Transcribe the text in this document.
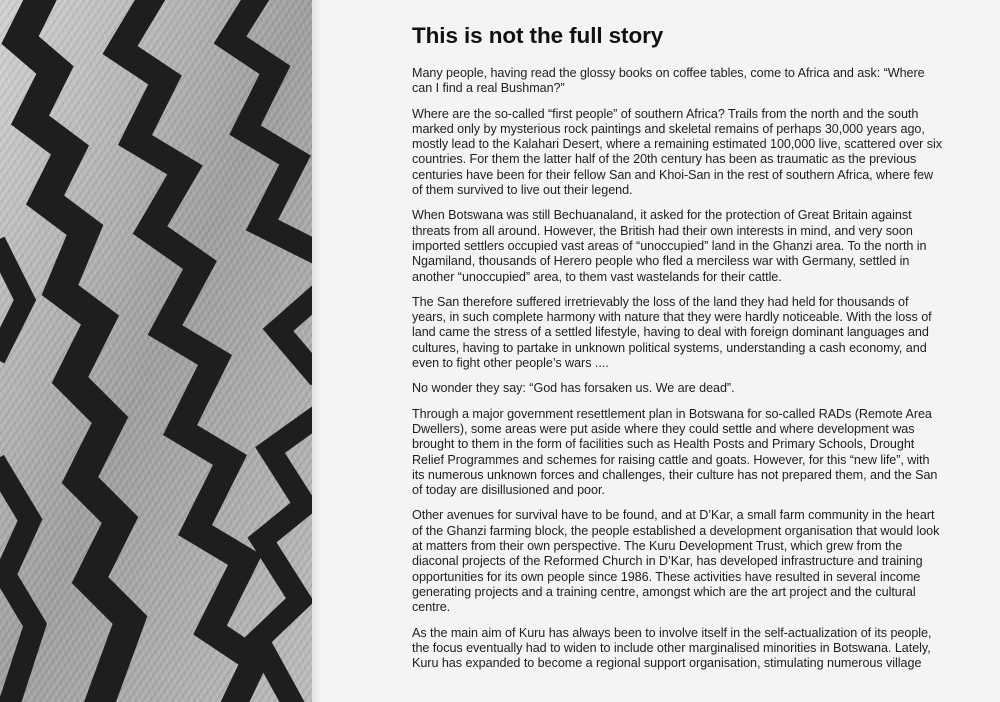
This is not the full story

Many people, having read the glossy books on coffee tables, come to Africa and ask: “Where can I find a real Bushman?”

Where are the so-called “first people” of southern Africa? Trails from the north and the south marked only by mysterious rock paintings and skeletal remains of perhaps 30,000 years ago, mostly lead to the Kalahari Desert, where a remaining estimated 100,000 live, scattered over six countries. For them the latter half of the 20th century has been as traumatic as the previous centuries have been for their fellow San and Khoi-San in the rest of southern Africa, where few of them survived to live out their legend.

When Botswana was still Bechuanaland, it asked for the protection of Great Britain against threats from all around. However, the British had their own interests in mind, and very soon imported settlers occupied vast areas of “unoccupied” land in the Ghanzi area. To the north in Ngamiland, thousands of Herero people who fled a merciless war with Germany, settled in another “unoccupied” area, to them vast wastelands for their cattle.

The San therefore suffered irretrievably the loss of the land they had held for thousands of years, in such complete harmony with nature that they were hardly noticeable. With the loss of land came the stress of a settled lifestyle, having to deal with foreign dominant languages and cultures, having to partake in unknown political systems, understanding a cash economy, and even to fight other people’s wars ....

No wonder they say: “God has forsaken us. We are dead”.

Through a major government resettlement plan in Botswana for so-called RADs (Remote Area Dwellers), some areas were put aside where they could settle and where development was brought to them in the form of facilities such as Health Posts and Primary Schools, Drought Relief Programmes and schemes for raising cattle and goats. However, for this “new life”, with its numerous unknown forces and challenges, their culture has not prepared them, and the San of today are disillusioned and poor.

Other avenues for survival have to be found, and at D’Kar, a small farm community in the heart of the Ghanzi farming block, the people established a development organisation that would look at matters from their own perspective. The Kuru Development Trust, which grew from the diaconal projects of the Reformed Church in D’Kar, has developed infrastructure and training opportunities for its own people since 1986. These activities have resulted in several income generating projects and a training centre, amongst which are the art project and the cultural centre.

As the main aim of Kuru has always been to involve itself in the self-actualization of its people, the focus eventually had to widen to include other marginalised minorities in Botswana. Lately, Kuru has expanded to become a regional support organisation, stimulating numerous village
